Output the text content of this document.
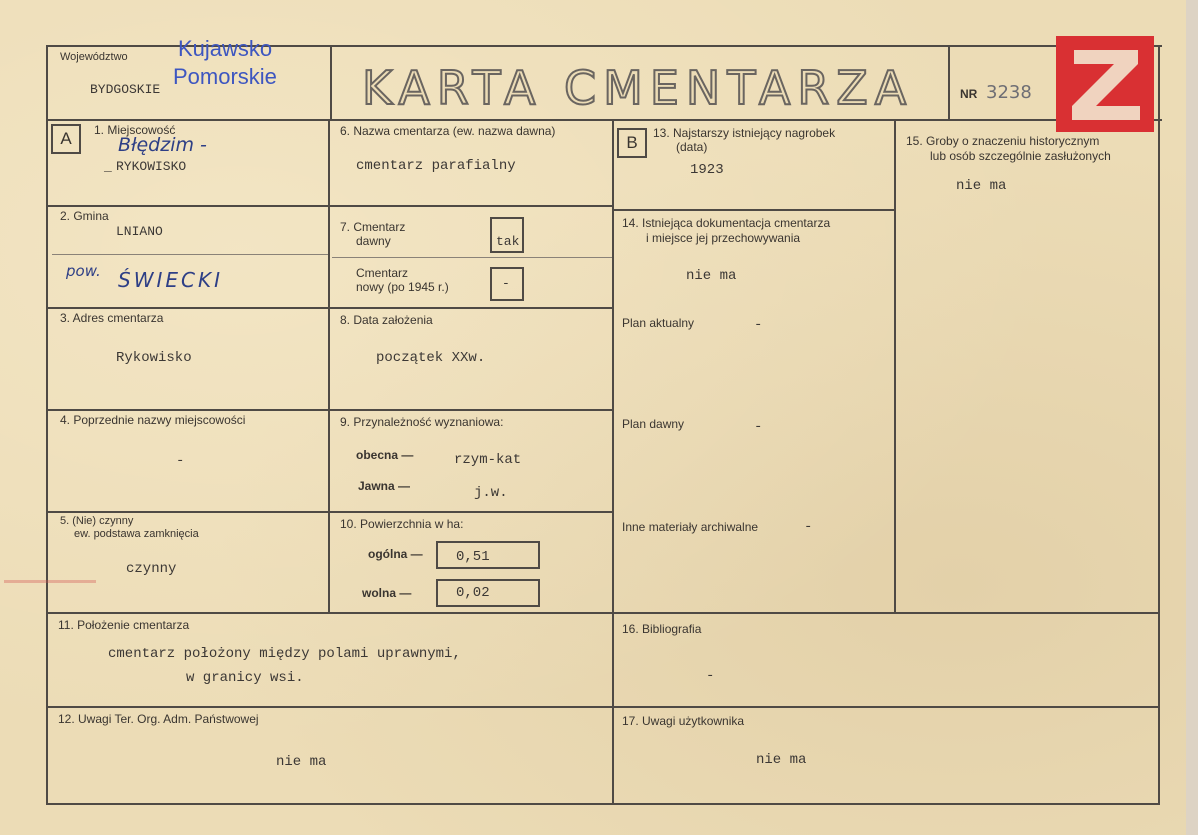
Województwo
BYDGOSKIE
Kujawsko
Pomorskie KARTA CMENTARZA	NR 3238
A	1. Miejscowość
Błędzim -
_ RYKOWISKO
2. Gmina
LNIANO
pow. ŚWIECKI
3. Adres cmentarza
Rykowisko
4. Poprzednie nazwy miejscowości
-
5. (Nie) czynny
ew. podstawa zamknięcia
czynny
6. Nazwa cmentarza (ew. nazwa dawna)
cmentarz parafialny
7. Cmentarz
dawny	tak
Cmentarz
nowy (po 1945 r.)	-
8. Data założenia
początek XXw.
9. Przynależność wyznaniowa:
obecna —	rzym-kat
Jawna —	j.w.
10. Powierzchnia w ha:
ogólna — 0,51
wolna —	0,02
B	13. Najstarszy istniejący nagrobek
(data)
1923
14. Istniejąca dokumentacja cmentarza
i miejsce jej przechowywania
nie ma
Plan aktualny	-
Plan dawny	-
Inne materiały archiwalne	-
15. Groby o znaczeniu historycznym
lub osób szczególnie zasłużonych
nie ma
11. Położenie cmentarza
cmentarz położony między polami uprawnymi,
w granicy wsi.
16. Bibliografia
-
12. Uwagi Ter. Org. Adm. Państwowej
nie ma
17. Uwagi użytkownika
nie ma
